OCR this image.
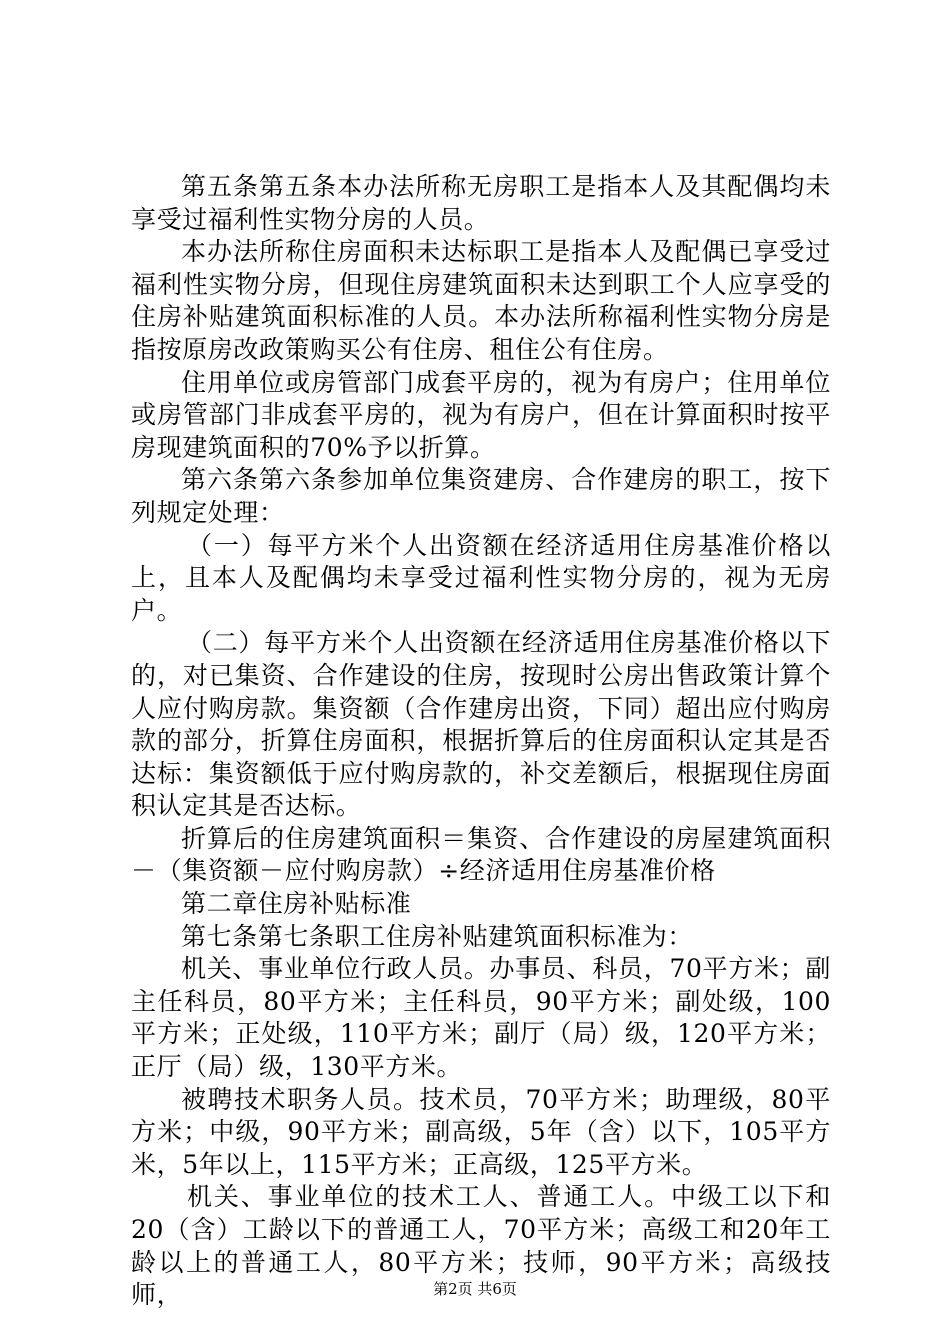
第五条第五条本办法所称无房职工是指本人及其配偶均未享受过福利性实物分房的人员。

本办法所称住房面积未达标职工是指本人及配偶已享受过福利性实物分房，但现住房建筑面积未达到职工个人应享受的住房补贴建筑面积标准的人员。本办法所称福利性实物分房是指按原房改政策购买公有住房、租住公有住房。

住用单位或房管部门成套平房的，视为有房户；住用单位或房管部门非成套平房的，视为有房户，但在计算面积时按平房现建筑面积的70%予以折算。

第六条第六条参加单位集资建房、合作建房的职工，按下列规定处理：

（一）每平方米个人出资额在经济适用住房基准价格以上，且本人及配偶均未享受过福利性实物分房的，视为无房户。

（二）每平方米个人出资额在经济适用住房基准价格以下的，对已集资、合作建设的住房，按现时公房出售政策计算个人应付购房款。集资额（合作建房出资，下同）超出应付购房款的部分，折算住房面积，根据折算后的住房面积认定其是否达标：集资额低于应付购房款的，补交差额后，根据现住房面积认定其是否达标。

折算后的住房建筑面积＝集资、合作建设的房屋建筑面积－（集资额－应付购房款）÷经济适用住房基准价格

第二章住房补贴标准

第七条第七条职工住房补贴建筑面积标准为：

机关、事业单位行政人员。办事员、科员，70平方米；副主任科员，80平方米；主任科员，90平方米；副处级，100平方米；正处级，110平方米；副厅（局）级，120平方米；正厅（局）级，130平方米。

被聘技术职务人员。技术员，70平方米；助理级，80平方米；中级，90平方米；副高级，5年（含）以下，105平方米，5年以上，115平方米；正高级，125平方米。

机关、事业单位的技术工人、普通工人。中级工以下和20（含）工龄以下的普通工人，70平方米；高级工和20年工龄以上的普通工人，80平方米；技师，90平方米；高级技师，	第2页 共6页
